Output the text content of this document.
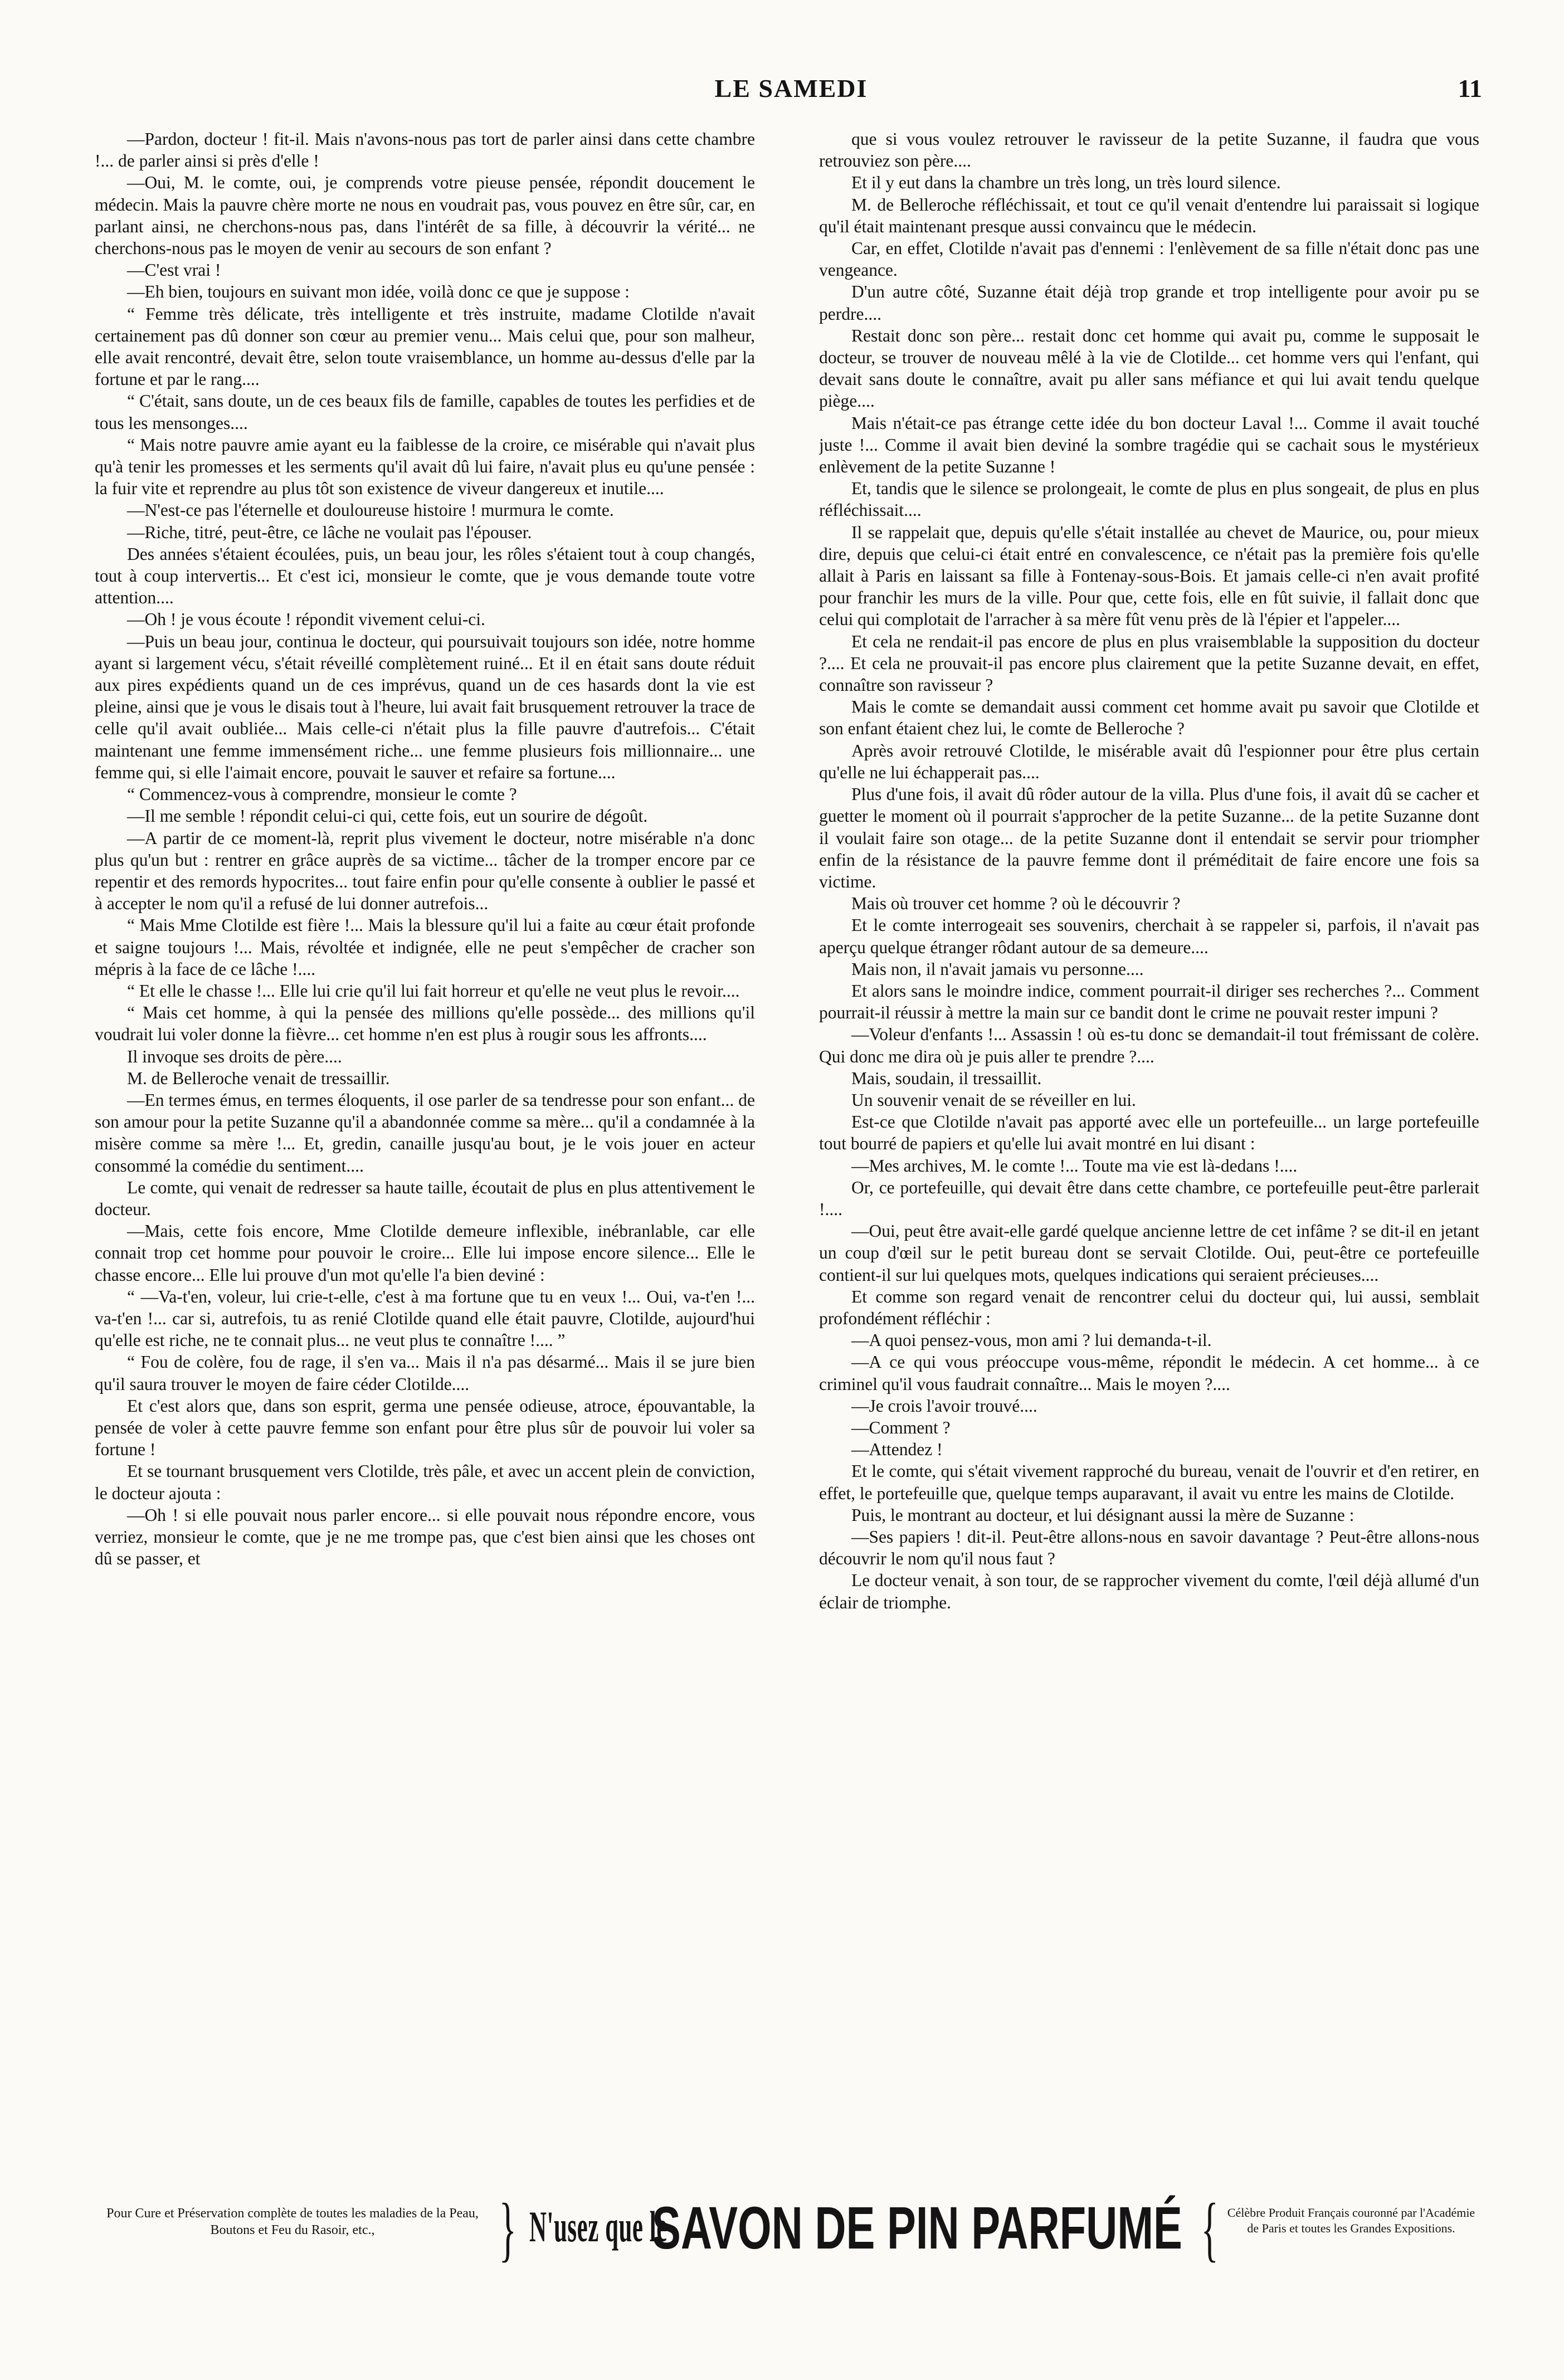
LE SAMEDI	11

—Pardon, docteur ! fit-il. Mais n'avons-nous pas tort de parler ainsi dans cette chambre !... de parler ainsi si près d'elle !

—Oui, M. le comte, oui, je comprends votre pieuse pensée, répondit doucement le médecin. Mais la pauvre chère morte ne nous en voudrait pas, vous pouvez en être sûr, car, en parlant ainsi, ne cherchons-nous pas, dans l'intérêt de sa fille, à découvrir la vérité... ne cherchons-nous pas le moyen de venir au secours de son enfant ?

—C'est vrai !

—Eh bien, toujours en suivant mon idée, voilà donc ce que je suppose :

“ Femme très délicate, très intelligente et très instruite, madame Clotilde n'avait certainement pas dû donner son cœur au premier venu... Mais celui que, pour son malheur, elle avait rencontré, devait être, selon toute vraisemblance, un homme au-dessus d'elle par la fortune et par le rang....

“ C'était, sans doute, un de ces beaux fils de famille, capables de toutes les perfidies et de tous les mensonges....

“ Mais notre pauvre amie ayant eu la faiblesse de la croire, ce misérable qui n'avait plus qu'à tenir les promesses et les serments qu'il avait dû lui faire, n'avait plus eu qu'une pensée : la fuir vite et reprendre au plus tôt son existence de viveur dangereux et inutile....

—N'est-ce pas l'éternelle et douloureuse histoire ! murmura le comte.

—Riche, titré, peut-être, ce lâche ne voulait pas l'épouser.

Des années s'étaient écoulées, puis, un beau jour, les rôles s'étaient tout à coup changés, tout à coup intervertis... Et c'est ici, monsieur le comte, que je vous demande toute votre attention....

—Oh ! je vous écoute ! répondit vivement celui-ci.

—Puis un beau jour, continua le docteur, qui poursuivait toujours son idée, notre homme ayant si largement vécu, s'était réveillé complètement ruiné... Et il en était sans doute réduit aux pires expédients quand un de ces imprévus, quand un de ces hasards dont la vie est pleine, ainsi que je vous le disais tout à l'heure, lui avait fait brusquement retrouver la trace de celle qu'il avait oubliée... Mais celle-ci n'était plus la fille pauvre d'autrefois... C'était maintenant une femme immensément riche... une femme plusieurs fois millionnaire... une femme qui, si elle l'aimait encore, pouvait le sauver et refaire sa fortune....

“ Commencez-vous à comprendre, monsieur le comte ?

—Il me semble ! répondit celui-ci qui, cette fois, eut un sourire de dégoût.

—A partir de ce moment-là, reprit plus vivement le docteur, notre misérable n'a donc plus qu'un but : rentrer en grâce auprès de sa victime... tâcher de la tromper encore par ce repentir et des remords hypocrites... tout faire enfin pour qu'elle consente à oublier le passé et à accepter le nom qu'il a refusé de lui donner autrefois...

“ Mais Mme Clotilde est fière !... Mais la blessure qu'il lui a faite au cœur était profonde et saigne toujours !... Mais, révoltée et indignée, elle ne peut s'empêcher de cracher son mépris à la face de ce lâche !....

“ Et elle le chasse !... Elle lui crie qu'il lui fait horreur et qu'elle ne veut plus le revoir....

“ Mais cet homme, à qui la pensée des millions qu'elle possède... des millions qu'il voudrait lui voler donne la fièvre... cet homme n'en est plus à rougir sous les affronts....

Il invoque ses droits de père....

M. de Belleroche venait de tressaillir.

—En termes émus, en termes éloquents, il ose parler de sa tendresse pour son enfant... de son amour pour la petite Suzanne qu'il a abandonnée comme sa mère... qu'il a condamnée à la misère comme sa mère !... Et, gredin, canaille jusqu'au bout, je le vois jouer en acteur consommé la comédie du sentiment....

Le comte, qui venait de redresser sa haute taille, écoutait de plus en plus attentivement le docteur.

—Mais, cette fois encore, Mme Clotilde demeure inflexible, inébranlable, car elle connait trop cet homme pour pouvoir le croire... Elle lui impose encore silence... Elle le chasse encore... Elle lui prouve d'un mot qu'elle l'a bien deviné :

“ —Va-t'en, voleur, lui crie-t-elle, c'est à ma fortune que tu en veux !... Oui, va-t'en !... va-t'en !... car si, autrefois, tu as renié Clotilde quand elle était pauvre, Clotilde, aujourd'hui qu'elle est riche, ne te connait plus... ne veut plus te connaître !.... ”

“ Fou de colère, fou de rage, il s'en va... Mais il n'a pas désarmé... Mais il se jure bien qu'il saura trouver le moyen de faire céder Clotilde....

Et c'est alors que, dans son esprit, germa une pensée odieuse, atroce, épouvantable, la pensée de voler à cette pauvre femme son enfant pour être plus sûr de pouvoir lui voler sa fortune !

Et se tournant brusquement vers Clotilde, très pâle, et avec un accent plein de conviction, le docteur ajouta :

—Oh ! si elle pouvait nous parler encore... si elle pouvait nous répondre encore, vous verriez, monsieur le comte, que je ne me trompe pas, que c'est bien ainsi que les choses ont dû se passer, et

que si vous voulez retrouver le ravisseur de la petite Suzanne, il faudra que vous retrouviez son père....

Et il y eut dans la chambre un très long, un très lourd silence.

M. de Belleroche réfléchissait, et tout ce qu'il venait d'entendre lui paraissait si logique qu'il était maintenant presque aussi convaincu que le médecin.

Car, en effet, Clotilde n'avait pas d'ennemi : l'enlèvement de sa fille n'était donc pas une vengeance.

D'un autre côté, Suzanne était déjà trop grande et trop intelligente pour avoir pu se perdre....

Restait donc son père... restait donc cet homme qui avait pu, comme le supposait le docteur, se trouver de nouveau mêlé à la vie de Clotilde... cet homme vers qui l'enfant, qui devait sans doute le connaître, avait pu aller sans méfiance et qui lui avait tendu quelque piège....

Mais n'était-ce pas étrange cette idée du bon docteur Laval !... Comme il avait touché juste !... Comme il avait bien deviné la sombre tragédie qui se cachait sous le mystérieux enlèvement de la petite Suzanne !

Et, tandis que le silence se prolongeait, le comte de plus en plus songeait, de plus en plus réfléchissait....

Il se rappelait que, depuis qu'elle s'était installée au chevet de Maurice, ou, pour mieux dire, depuis que celui-ci était entré en convalescence, ce n'était pas la première fois qu'elle allait à Paris en laissant sa fille à Fontenay-sous-Bois. Et jamais celle-ci n'en avait profité pour franchir les murs de la ville. Pour que, cette fois, elle en fût suivie, il fallait donc que celui qui complotait de l'arracher à sa mère fût venu près de là l'épier et l'appeler....

Et cela ne rendait-il pas encore de plus en plus vraisemblable la supposition du docteur ?.... Et cela ne prouvait-il pas encore plus clairement que la petite Suzanne devait, en effet, connaître son ravisseur ?

Mais le comte se demandait aussi comment cet homme avait pu savoir que Clotilde et son enfant étaient chez lui, le comte de Belleroche ?

Après avoir retrouvé Clotilde, le misérable avait dû l'espionner pour être plus certain qu'elle ne lui échapperait pas....

Plus d'une fois, il avait dû rôder autour de la villa. Plus d'une fois, il avait dû se cacher et guetter le moment où il pourrait s'approcher de la petite Suzanne... de la petite Suzanne dont il voulait faire son otage... de la petite Suzanne dont il entendait se servir pour triompher enfin de la résistance de la pauvre femme dont il préméditait de faire encore une fois sa victime.

Mais où trouver cet homme ? où le découvrir ?

Et le comte interrogeait ses souvenirs, cherchait à se rappeler si, parfois, il n'avait pas aperçu quelque étranger rôdant autour de sa demeure....

Mais non, il n'avait jamais vu personne....

Et alors sans le moindre indice, comment pourrait-il diriger ses recherches ?... Comment pourrait-il réussir à mettre la main sur ce bandit dont le crime ne pouvait rester impuni ?

—Voleur d'enfants !... Assassin ! où es-tu donc se demandait-il tout frémissant de colère. Qui donc me dira où je puis aller te prendre ?....

Mais, soudain, il tressaillit.

Un souvenir venait de se réveiller en lui.

Est-ce que Clotilde n'avait pas apporté avec elle un portefeuille... un large portefeuille tout bourré de papiers et qu'elle lui avait montré en lui disant :

—Mes archives, M. le comte !... Toute ma vie est là-dedans !....

Or, ce portefeuille, qui devait être dans cette chambre, ce portefeuille peut-être parlerait !....

—Oui, peut être avait-elle gardé quelque ancienne lettre de cet infâme ? se dit-il en jetant un coup d'œil sur le petit bureau dont se servait Clotilde. Oui, peut-être ce portefeuille contient-il sur lui quelques mots, quelques indications qui seraient précieuses....

Et comme son regard venait de rencontrer celui du docteur qui, lui aussi, semblait profondément réfléchir :

—A quoi pensez-vous, mon ami ? lui demanda-t-il.

—A ce qui vous préoccupe vous-même, répondit le médecin. A cet homme... à ce criminel qu'il vous faudrait connaître... Mais le moyen ?....

—Je crois l'avoir trouvé....

—Comment ?

—Attendez !

Et le comte, qui s'était vivement rapproché du bureau, venait de l'ouvrir et d'en retirer, en effet, le portefeuille que, quelque temps auparavant, il avait vu entre les mains de Clotilde.

Puis, le montrant au docteur, et lui désignant aussi la mère de Suzanne :

—Ses papiers ! dit-il. Peut-être allons-nous en savoir davantage ? Peut-être allons-nous découvrir le nom qu'il nous faut ?

Le docteur venait, à son tour, de se rapprocher vivement du comte, l'œil déjà allumé d'un éclair de triomphe.

Pour Cure et Préservation complète de toutes les maladies de la Peau, Boutons et Feu du Rasoir, etc.,	} N'usez que le
SAVON DE PIN PARFUMÉ { Célèbre Produit Français couronné par l'Académie de Paris et toutes les Grandes Expositions.
